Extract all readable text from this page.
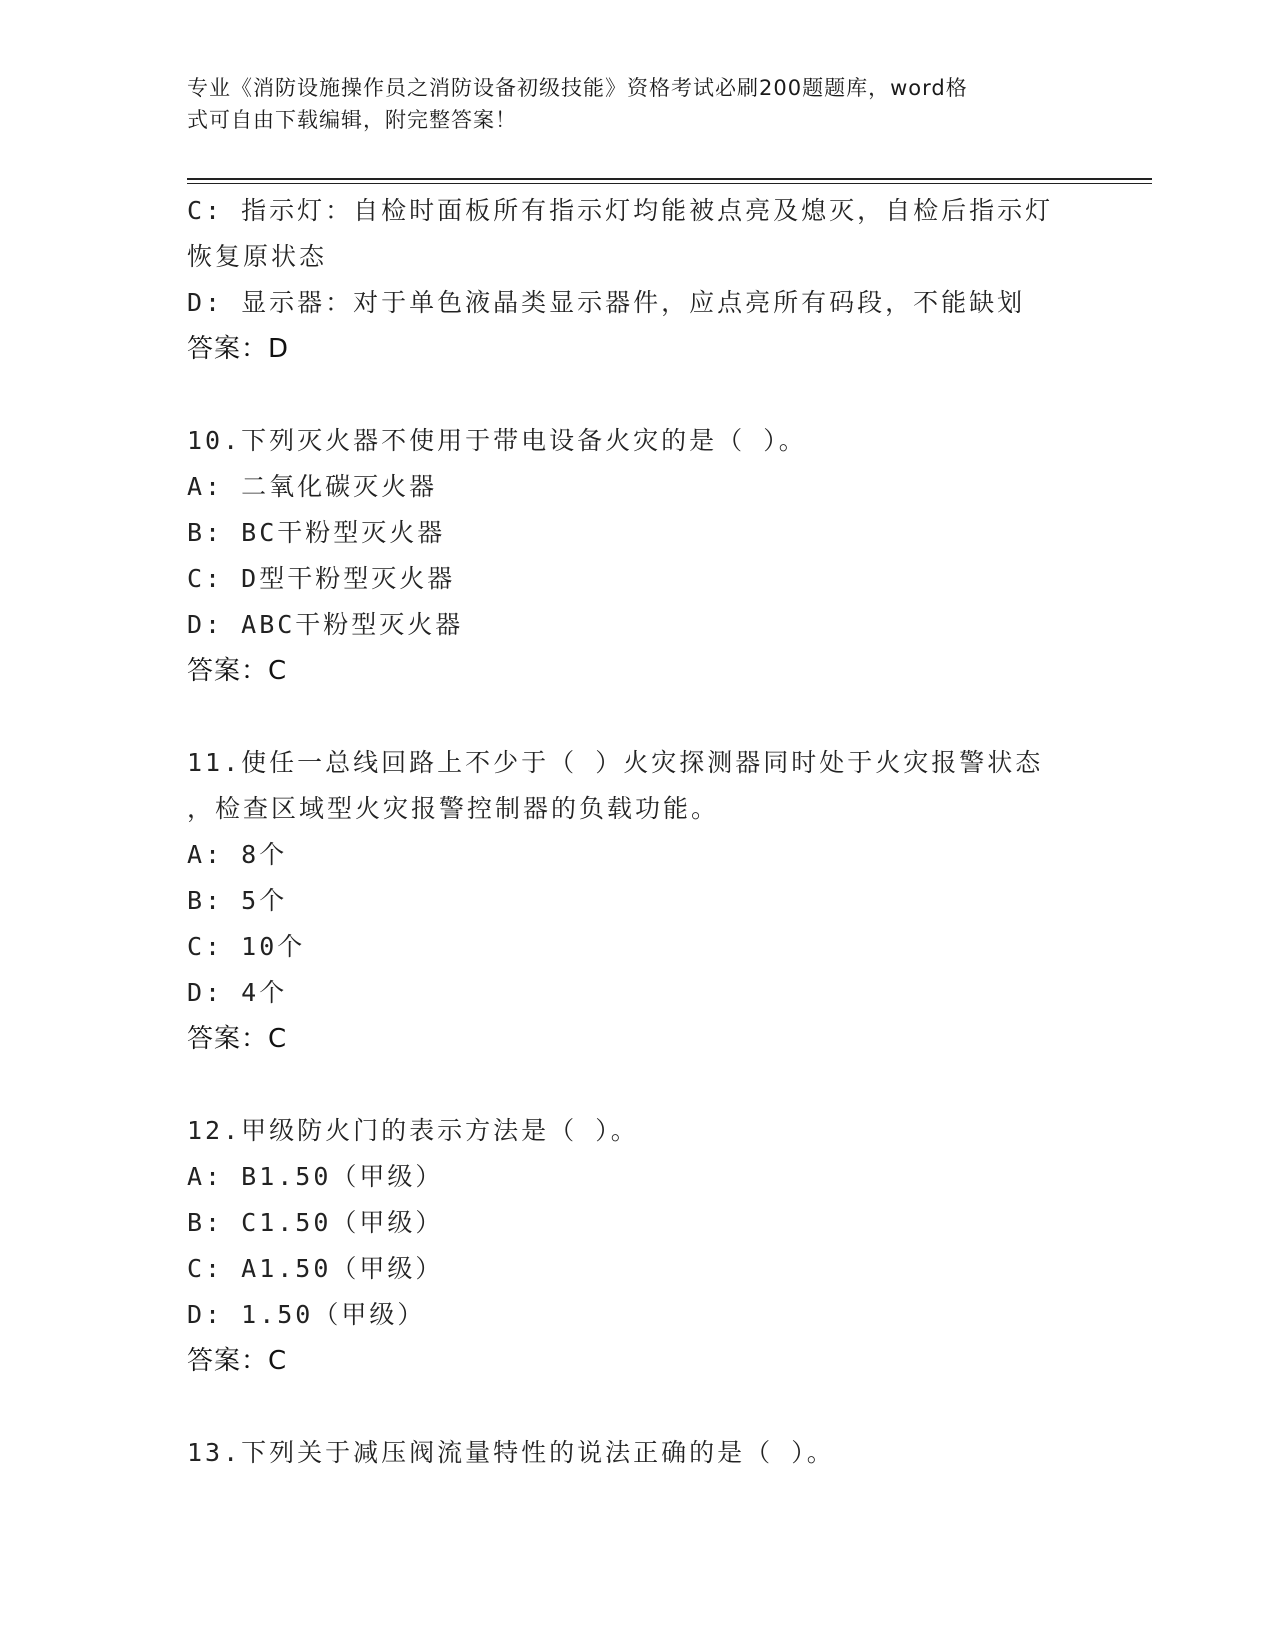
专业《消防设施操作员之消防设备初级技能》资格考试必刷200题题库，word格
式可自由下载编辑，附完整答案！
C: 指示灯：自检时面板所有指示灯均能被点亮及熄灭，自检后指示灯
恢复原状态
D: 显示器：对于单色液晶类显示器件，应点亮所有码段，不能缺划
答案：D
10.下列灭火器不使用于带电设备火灾的是（ ）。
A: 二氧化碳灭火器
B: BC干粉型灭火器
C: D型干粉型灭火器
D: ABC干粉型灭火器
答案：C
11.使任一总线回路上不少于（ ）火灾探测器同时处于火灾报警状态
，检查区域型火灾报警控制器的负载功能。
A: 8个
B: 5个
C: 10个
D: 4个
答案：C
12.甲级防火门的表示方法是（ ）。
A: B1.50（甲级）
B: C1.50（甲级）
C: A1.50（甲级）
D: 1.50（甲级）
答案：C
13.下列关于减压阀流量特性的说法正确的是（ ）。
